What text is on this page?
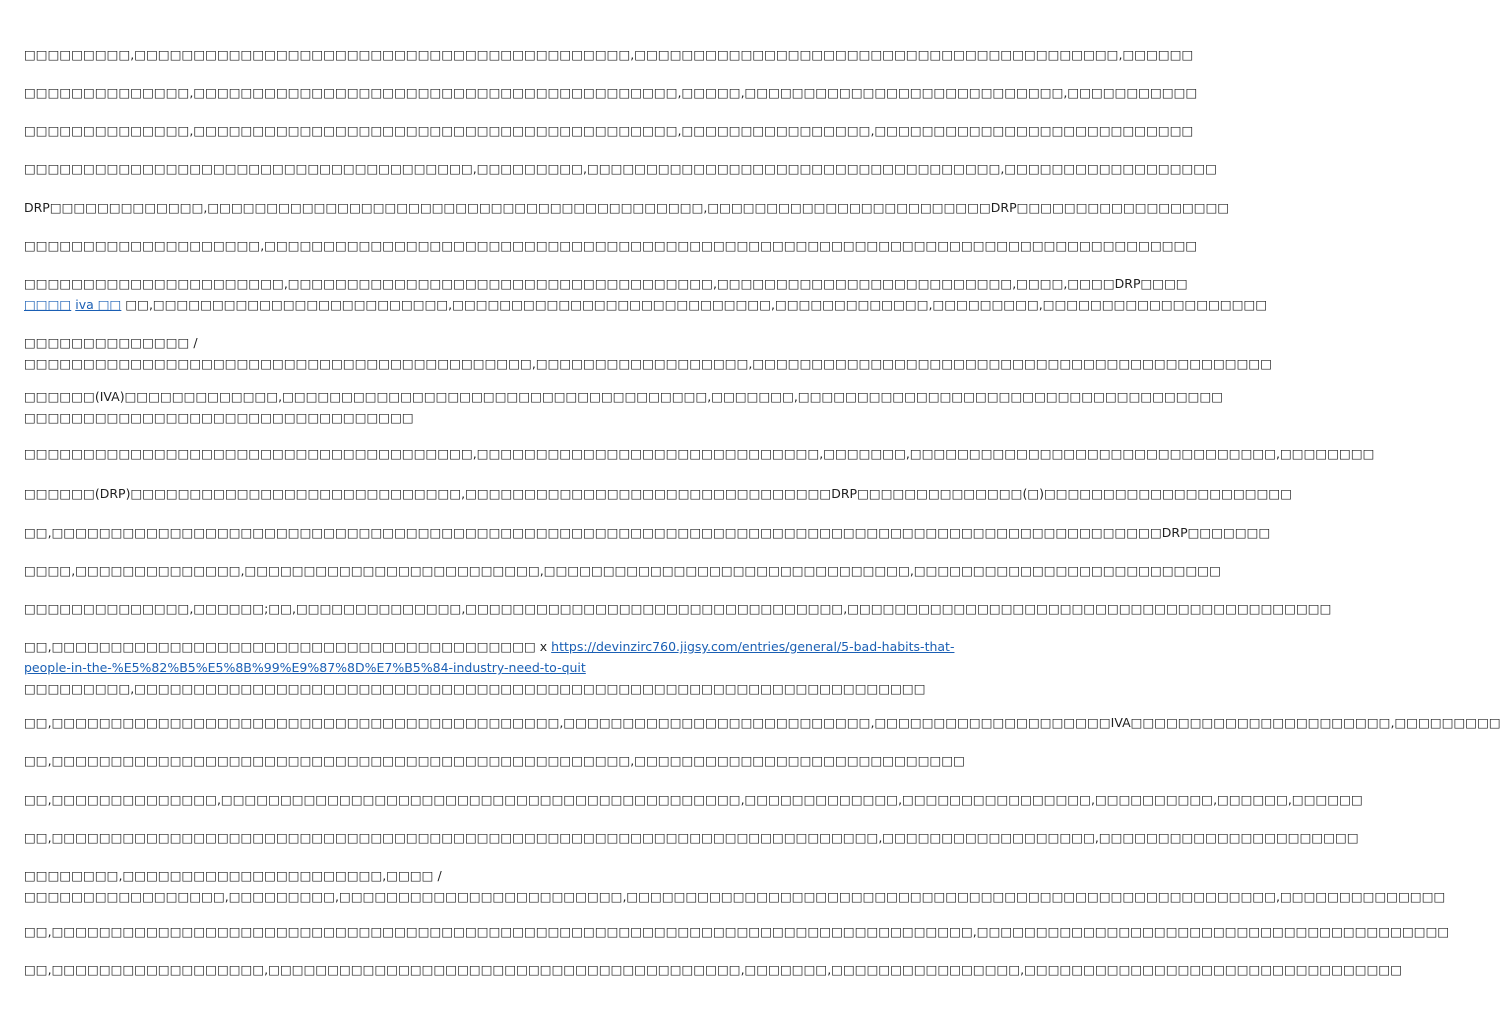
□□□□□□□□□,□□□□□□□□□□□□□□□□□□□□□□□□□□□□□□□□□□□□□□□□□□,□□□□□□□□□□□□□□□□□□□□□□□□□□□□□□□□□□□□□□□□□,□□□□□□
□□□□□□□□□□□□□□,□□□□□□□□□□□□□□□□□□□□□□□□□□□□□□□□□□□□□□□□□,□□□□□,□□□□□□□□□□□□□□□□□□□□□□□□□□□,□□□□□□□□□□□
□□□□□□□□□□□□□□,□□□□□□□□□□□□□□□□□□□□□□□□□□□□□□□□□□□□□□□□□,□□□□□□□□□□□□□□□□,□□□□□□□□□□□□□□□□□□□□□□□□□□□
□□□□□□□□□□□□□□□□□□□□□□□□□□□□□□□□□□□□□□,□□□□□□□□□,□□□□□□□□□□□□□□□□□□□□□□□□□□□□□□□□□□□,□□□□□□□□□□□□□□□□□□
DRP□□□□□□□□□□□□□,□□□□□□□□□□□□□□□□□□□□□□□□□□□□□□□□□□□□□□□□□□,□□□□□□□□□□□□□□□□□□□□□□□□DRP□□□□□□□□□□□□□□□□□□
□□□□□□□□□□□□□□□□□□□□,□□□□□□□□□□□□□□□□□□□□□□□□□□□□□□□□□□□□□□□□□□□□□□□□□□□□□□□□□□□□□□□□□□□□□□□□□□□□□□□
□□□□□□□□□□□□□□□□□□□□□□,□□□□□□□□□□□□□□□□□□□□□□□□□□□□□□□□□□□□,□□□□□□□□□□□□□□□□□□□□□□□□□,□□□□,□□□□DRP□□□□
□□□□ iva □□ □□,□□□□□□□□□□□□□□□□□□□□□□□□□,□□□□□□□□□□□□□□□□□□□□□□□□□□□,□□□□□□□□□□□□□,□□□□□□□□□,□□□□□□□□□□□□□□□□□□□
□□□□□□□□□□□□□□ /
□□□□□□□□□□□□□□□□□□□□□□□□□□□□□□□□□□□□□□□□□□□,□□□□□□□□□□□□□□□□□□,□□□□□□□□□□□□□□□□□□□□□□□□□□□□□□□□□□□□□□□□□□□□
□□□□□□(IVA)□□□□□□□□□□□□□,□□□□□□□□□□□□□□□□□□□□□□□□□□□□□□□□□□□□,□□□□□□□,□□□□□□□□□□□□□□□□□□□□□□□□□□□□□□□□□□□□
□□□□□□□□□□□□□□□□□□□□□□□□□□□□□□□□□
□□□□□□□□□□□□□□□□□□□□□□□□□□□□□□□□□□□□□□,□□□□□□□□□□□□□□□□□□□□□□□□□□□□□,□□□□□□□,□□□□□□□□□□□□□□□□□□□□□□□□□□□□□□□,□□□□□□□□
□□□□□□(DRP)□□□□□□□□□□□□□□□□□□□□□□□□□□□□,□□□□□□□□□□□□□□□□□□□□□□□□□□□□□□□DRP□□□□□□□□□□□□□□(□)□□□□□□□□□□□□□□□□□□□□□
□□,□□□□□□□□□□□□□□□□□□□□□□□□□□□□□□□□□□□□□□□□□□□□□□□□□□□□□□□□□□□□□□□□□□□□□□□□□□□□□□□□□□□□□□□□□□□□□□DRP□□□□□□□
□□□□,□□□□□□□□□□□□□□,□□□□□□□□□□□□□□□□□□□□□□□□□,□□□□□□□□□□□□□□□□□□□□□□□□□□□□□□□,□□□□□□□□□□□□□□□□□□□□□□□□□□
□□□□□□□□□□□□□□,□□□□□□;□□,□□□□□□□□□□□□□□,□□□□□□□□□□□□□□□□□□□□□□□□□□□□□□□□,□□□□□□□□□□□□□□□□□□□□□□□□□□□□□□□□□□□□□□□□□
□□,□□□□□□□□□□□□□□□□□□□□□□□□□□□□□□□□□□□□□□□□□ x https://devinzirc760.jigsy.com/entries/general/5-bad-habits-that-
people-in-the-%E5%82%B5%E5%8B%99%E9%87%8D%E7%B5%84-industry-need-to-quit
□□□□□□□□□,□□□□□□□□□□□□□□□□□□□□□□□□□□□□□□□□□□□□□□□□□□□□□□□□□□□□□□□□□□□□□□□□□□□
□□,□□□□□□□□□□□□□□□□□□□□□□□□□□□□□□□□□□□□□□□□□□□,□□□□□□□□□□□□□□□□□□□□□□□□□□,□□□□□□□□□□□□□□□□□□□□IVA□□□□□□□□□□□□□□□□□□□□□□,□□□□□□□□□
□□,□□□□□□□□□□□□□□□□□□□□□□□□□□□□□□□□□□□□□□□□□□□□□□□□□,□□□□□□□□□□□□□□□□□□□□□□□□□□□□
□□,□□□□□□□□□□□□□□,□□□□□□□□□□□□□□□□□□□□□□□□□□□□□□□□□□□□□□□□□□□□,□□□□□□□□□□□□□,□□□□□□□□□□□□□□□□,□□□□□□□□□□,□□□□□□,□□□□□□
□□,□□□□□□□□□□□□□□□□□□□□□□□□□□□□□□□□□□□□□□□□□□□□□□□□□□□□□□□□□□□□□□□□□□□□□□,□□□□□□□□□□□□□□□□□□,□□□□□□□□□□□□□□□□□□□□□□
□□□□□□□□,□□□□□□□□□□□□□□□□□□□□□□,□□□□ /
□□□□□□□□□□□□□□□□□,□□□□□□□□□,□□□□□□□□□□□□□□□□□□□□□□□□,□□□□□□□□□□□□□□□□□□□□□□□□□□□□□□□□□□□□□□□□□□□□□□□□□□□□□□□,□□□□□□□□□□□□□□
□□,□□□□□□□□□□□□□□□□□□□□□□□□□□□□□□□□□□□□□□□□□□□□□□□□□□□□□□□□□□□□□□□□□□□□□□□□□□□□□□,□□□□□□□□□□□□□□□□□□□□□□□□□□□□□□□□□□□□□□□□
□□,□□□□□□□□□□□□□□□□□□,□□□□□□□□□□□□□□□□□□□□□□□□□□□□□□□□□□□□□□□□,□□□□□□□,□□□□□□□□□□□□□□□□,□□□□□□□□□□□□□□□□□□□□□□□□□□□□□□□□
